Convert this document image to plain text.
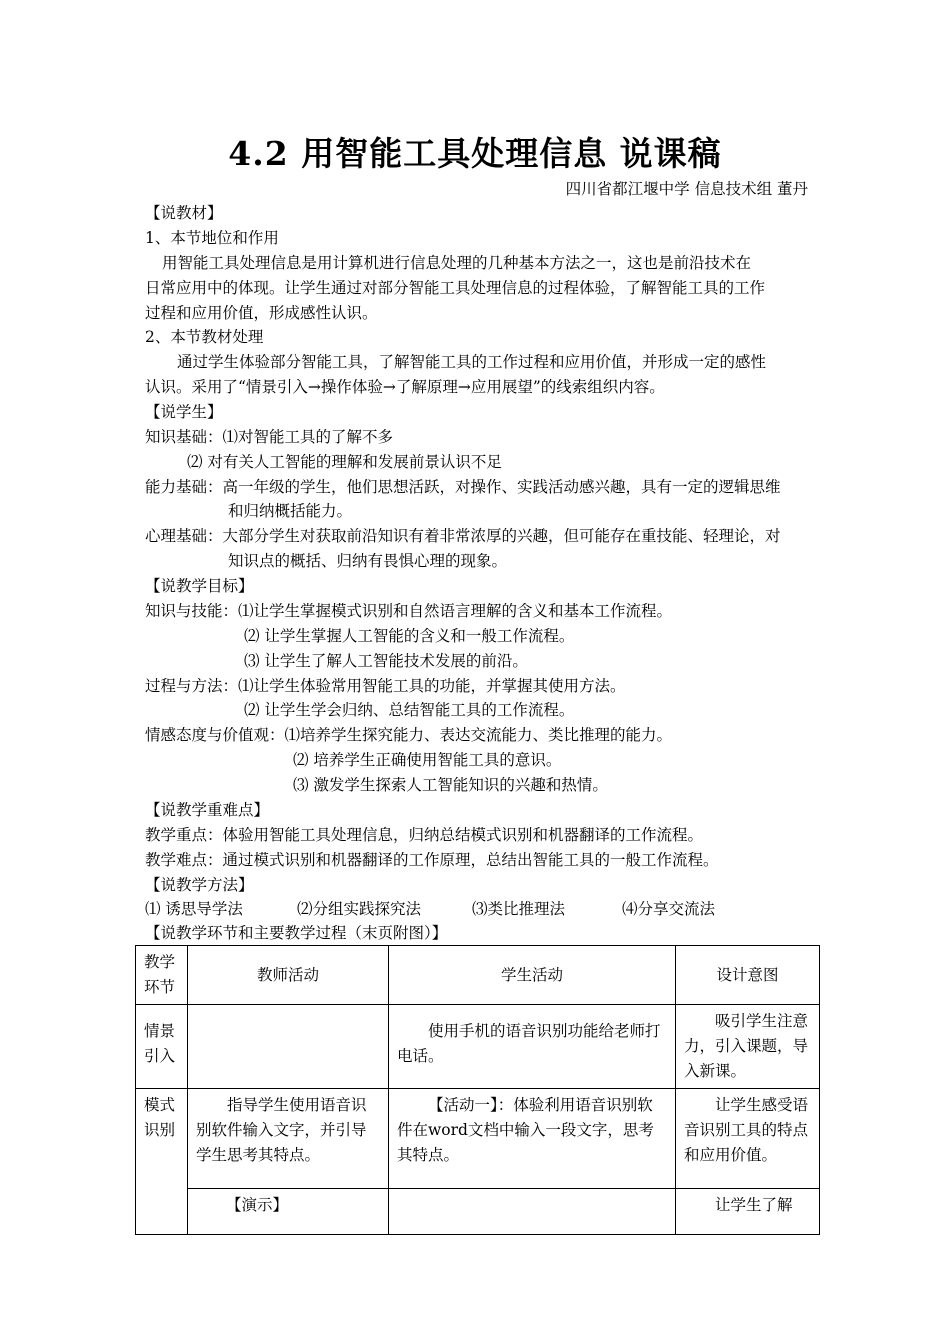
4.2 用智能工具处理信息 说课稿
四川省都江堰中学 信息技术组 董丹
【说教材】
1、本节地位和作用
用智能工具处理信息是用计算机进行信息处理的几种基本方法之一，这也是前沿技术在
日常应用中的体现。让学生通过对部分智能工具处理信息的过程体验，了解智能工具的工作
过程和应用价值，形成感性认识。
2、本节教材处理
通过学生体验部分智能工具，了解智能工具的工作过程和应用价值，并形成一定的感性
认识。采用了“情景引入→操作体验→了解原理→应用展望”的线索组织内容。
【说学生】
知识基础：⑴对智能工具的了解不多
⑵ 对有关人工智能的理解和发展前景认识不足
能力基础：高一年级的学生，他们思想活跃，对操作、实践活动感兴趣，具有一定的逻辑思维
和归纳概括能力。
心理基础：大部分学生对获取前沿知识有着非常浓厚的兴趣，但可能存在重技能、轻理论，对
知识点的概括、归纳有畏惧心理的现象。
【说教学目标】
知识与技能：⑴让学生掌握模式识别和自然语言理解的含义和基本工作流程。
⑵ 让学生掌握人工智能的含义和一般工作流程。
⑶ 让学生了解人工智能技术发展的前沿。
过程与方法：⑴让学生体验常用智能工具的功能，并掌握其使用方法。
⑵ 让学生学会归纳、总结智能工具的工作流程。
情感态度与价值观：⑴培养学生探究能力、表达交流能力、类比推理的能力。
⑵ 培养学生正确使用智能工具的意识。
⑶ 激发学生探索人工智能知识的兴趣和热情。
【说教学重难点】
教学重点：体验用智能工具处理信息，归纳总结模式识别和机器翻译的工作流程。
教学难点：通过模式识别和机器翻译的工作原理，总结出智能工具的一般工作流程。
【说教学方法】
⑴ 诱思导学法	⑵分组实践探究法	⑶类比推理法	⑷分享交流法
【说教学环节和主要教学过程（末页附图）】
教学环节	教师活动	学生活动	设计意图
情景引入		使用手机的语音识别功能给老师打电话。	吸引学生注意力，引入课题，导入新课。
模式识别	指导学生使用语音识别软件输入文字，并引导学生思考其特点。	【活动一】：体验利用语音识别软件在word文档中输入一段文字，思考其特点。	让学生感受语音识别工具的特点和应用价值。
	【演示】		让学生了解
